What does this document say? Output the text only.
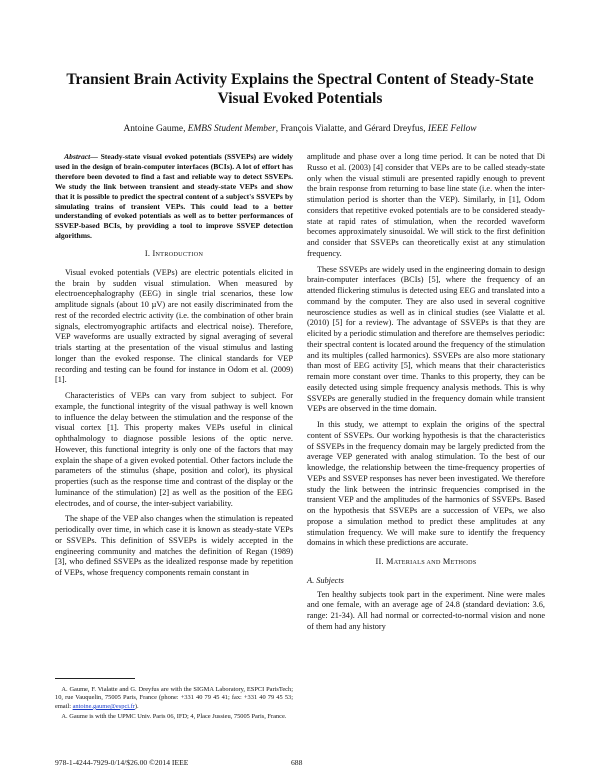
Transient Brain Activity Explains the Spectral Content of Steady-State Visual Evoked Potentials
Antoine Gaume, EMBS Student Member, François Vialatte, and Gérard Dreyfus, IEEE Fellow

Abstract— Steady-state visual evoked potentials (SSVEPs) are widely used in the design of brain-computer interfaces (BCIs). A lot of effort has therefore been devoted to find a fast and reliable way to detect SSVEPs. We study the link between transient and steady-state VEPs and show that it is possible to predict the spectral content of a subject's SSVEPs by simulating trains of transient VEPs. This could lead to a better understanding of evoked potentials as well as to better performances of SSVEP-based BCIs, by providing a tool to improve SSVEP detection algorithms.

I. INTRODUCTION

Visual evoked potentials (VEPs) are electric potentials elicited in the brain by sudden visual stimulation. When measured by electroencephalography (EEG) in single trial scenarios, these low amplitude signals (about 10 µV) are not easily discriminated from the rest of the recorded electric activity (i.e. the combination of other brain signals, electromyographic artifacts and electrical noise). Therefore, VEP waveforms are usually extracted by signal averaging of several trials starting at the presentation of the visual stimulus and lasting longer than the evoked response. The clinical standards for VEP recording and testing can be found for instance in Odom et al. (2009) [1].

Characteristics of VEPs can vary from subject to subject. For example, the functional integrity of the visual pathway is well known to influence the delay between the stimulation and the response of the visual cortex [1]. This property makes VEPs useful in clinical ophthalmology to diagnose possible lesions of the optic nerve. However, this functional integrity is only one of the factors that may explain the shape of a given evoked potential. Other factors include the parameters of the stimulus (shape, position and color), its physical properties (such as the response time and contrast of the display or the luminance of the stimulation) [2] as well as the position of the EEG electrodes, and of course, the inter-subject variability.

The shape of the VEP also changes when the stimulation is repeated periodically over time, in which case it is known as steady-state VEPs or SSVEPs. This definition of SSVEPs is widely accepted in the engineering community and matches the definition of Regan (1989) [3], who defined SSVEPs as the idealized response made by repetition of VEPs, whose frequency components remain constant in

A. Gaume, F. Vialatte and G. Dreyfus are with the SIGMA Laboratory, ESPCI ParisTech; 10, rue Vauquelin, 75005 Paris, France (phone: +331 40 79 45 41; fax: +331 40 79 45 53; email: antoine.gaume@espci.fr).

A. Gaume is with the UPMC Univ. Paris 06, IFD; 4, Place Jussieu, 75005 Paris, France.

amplitude and phase over a long time period. It can be noted that Di Russo et al. (2003) [4] consider that VEPs are to be called steady-state only when the visual stimuli are presented rapidly enough to prevent the brain response from returning to base line state (i.e. when the inter-stimulation period is shorter than the VEP). Similarly, in [1], Odom considers that repetitive evoked potentials are to be considered steady-state at rapid rates of stimulation, when the recorded waveform becomes approximately sinusoidal. We will stick to the first definition and consider that SSVEPs can theoretically exist at any stimulation frequency.

These SSVEPs are widely used in the engineering domain to design brain-computer interfaces (BCIs) [5], where the frequency of an attended flickering stimulus is detected using EEG and translated into a command by the computer. They are also used in several cognitive neuroscience studies as well as in clinical studies (see Vialatte et al. (2010) [5] for a review). The advantage of SSVEPs is that they are elicited by a periodic stimulation and therefore are themselves periodic: their spectral content is located around the frequency of the stimulation and its multiples (called harmonics). SSVEPs are also more stationary than most of EEG activity [5], which means that their characteristics remain more constant over time. Thanks to this property, they can be easily detected using simple frequency analysis methods. This is why SSVEPs are generally studied in the frequency domain while transient VEPs are observed in the time domain.

In this study, we attempt to explain the origins of the spectral content of SSVEPs. Our working hypothesis is that the characteristics of SSVEPs in the frequency domain may be largely predicted from the average VEP generated with analog stimulation. To the best of our knowledge, the relationship between the time-frequency properties of VEPs and SSVEP responses has never been investigated. We therefore study the link between the intrinsic frequencies comprised in the transient VEP and the amplitudes of the harmonics of SSVEPs. Based on the hypothesis that SSVEPs are a succession of VEPs, we also propose a simulation method to predict these amplitudes at any stimulation frequency. We will make sure to identify the frequency domains in which these predictions are accurate.

II. MATERIALS AND METHODS
A. Subjects

Ten healthy subjects took part in the experiment. Nine were males and one female, with an average age of 24.8 (standard deviation: 3.6, range: 21-34). All had normal or corrected-to-normal vision and none of them had any history

978-1-4244-7929-0/14/$26.00 ©2014 IEEE	688
